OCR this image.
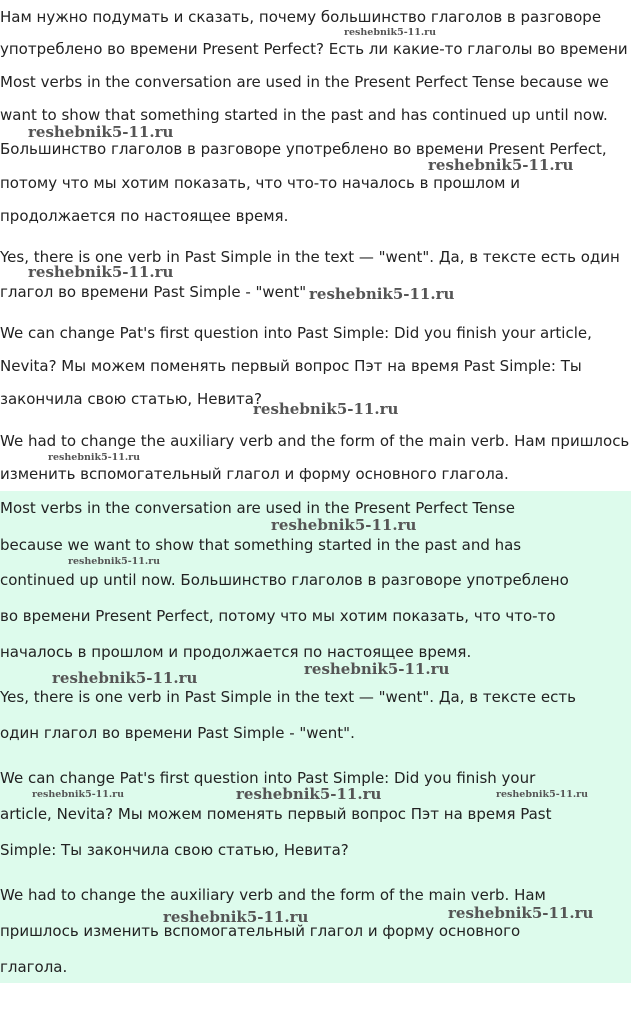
Нам нужно подумать и сказать, почему большинство глаголов в разговоре
употреблено во времени Present Perfect? Есть ли какие-то глаголы во времени
Most verbs in the conversation are used in the Present Perfect Tense because we
want to show that something started in the past and has continued up until now.
Большинство глаголов в разговоре употреблено во времени Present Perfect,
потому что мы хотим показать, что что-то началось в прошлом и
продолжается по настоящее время.
Yes, there is one verb in Past Simple in the text — "went". Да, в тексте есть один
глагол во времени Past Simple - "went"
We can change Pat's first question into Past Simple: Did you finish your article,
Nevita? Мы можем поменять первый вопрос Пэт на время Past Simple: Ты
закончила свою статью, Невита?
We had to change the auxiliary verb and the form of the main verb. Нам пришлось
изменить вспомогательный глагол и форму основного глагола.
Most verbs in the conversation are used in the Present Perfect Tense
because we want to show that something started in the past and has
continued up until now. Большинство глаголов в разговоре употреблено
во времени Present Perfect, потому что мы хотим показать, что что-то
началось в прошлом и продолжается по настоящее время.
Yes, there is one verb in Past Simple in the text — "went". Да, в тексте есть
один глагол во времени Past Simple - "went".
We can change Pat's first question into Past Simple: Did you finish your
article, Nevita? Мы можем поменять первый вопрос Пэт на время Past
Simple: Ты закончила свою статью, Невита?
We had to change the auxiliary verb and the form of the main verb. Нам
пришлось изменить вспомогательный глагол и форму основного
глагола.
reshebnik5-11.ru
reshebnik5-11.ru
reshebnik5-11.ru
reshebnik5-11.ru
reshebnik5-11.ru
reshebnik5-11.ru
reshebnik5-11.ru
reshebnik5-11.ru
reshebnik5-11.ru
reshebnik5-11.ru
reshebnik5-11.ru
reshebnik5-11.ru	reshebnik5-11.ru	reshebnik5-11.ru
reshebnik5-11.ru
reshebnik5-11.ru
